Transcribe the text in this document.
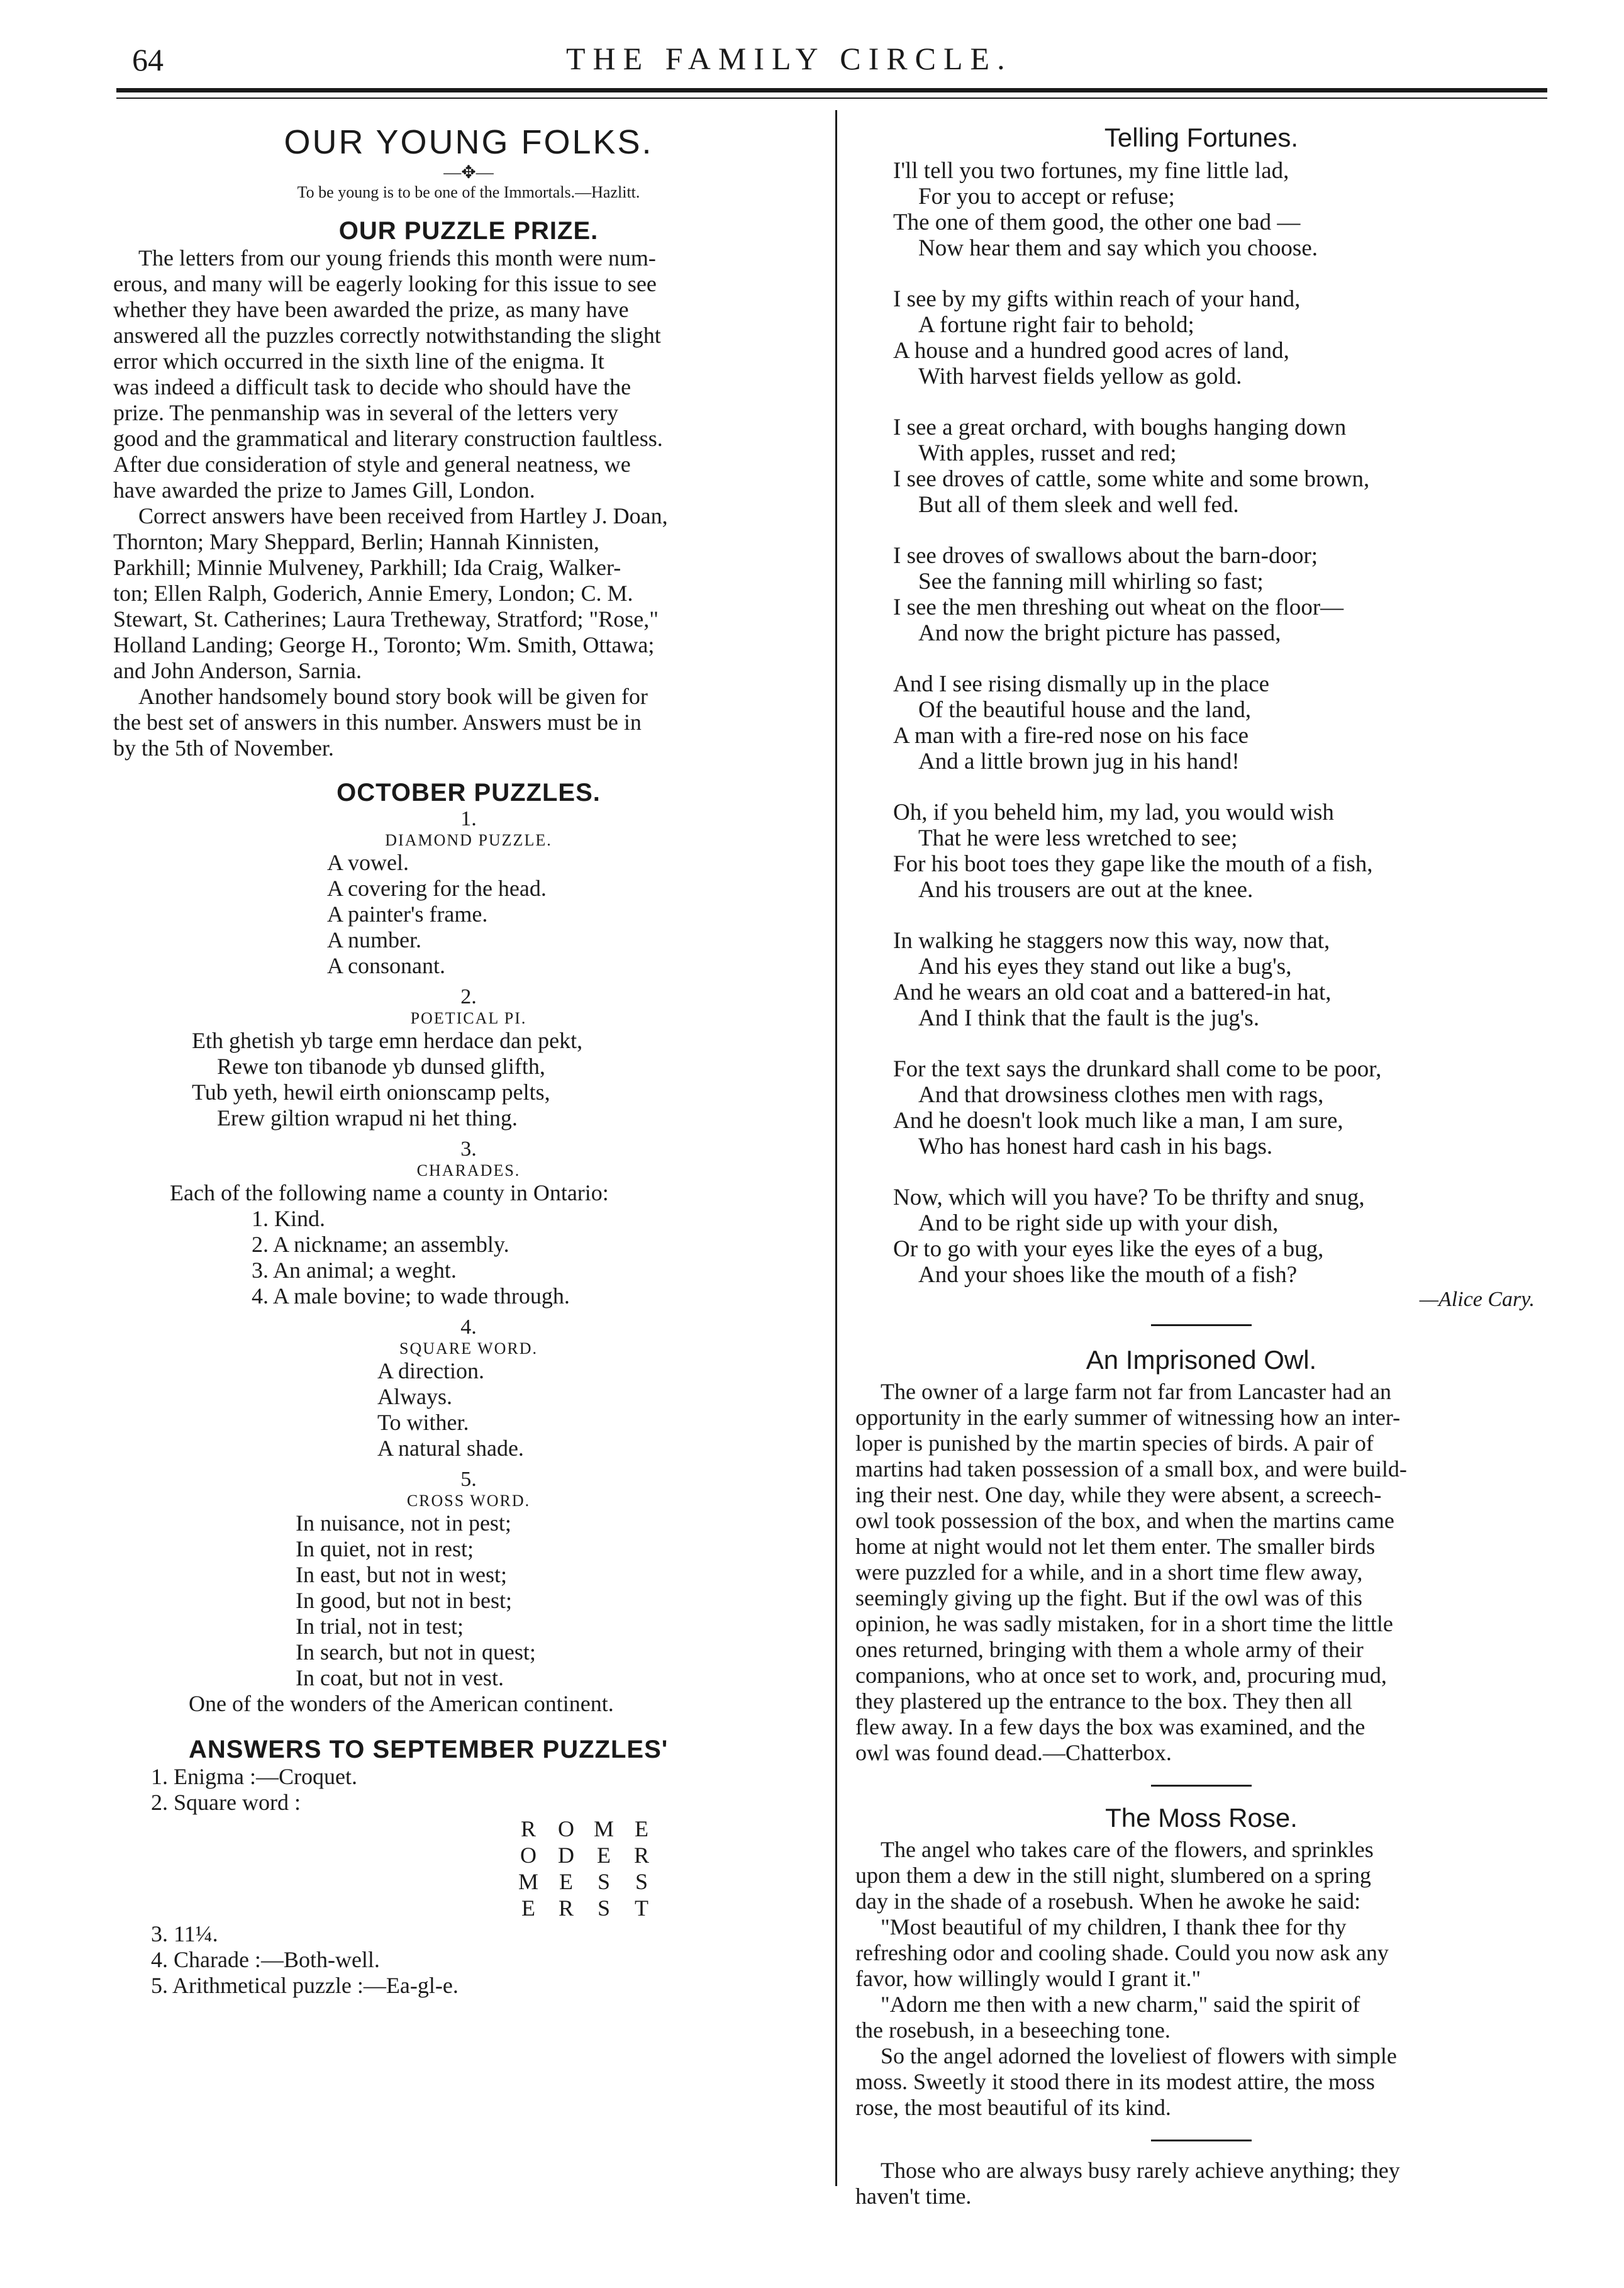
64	THE FAMILY CIRCLE.
OUR YOUNG FOLKS.
—✥—
To be young is to be one of the Immortals.—Hazlitt.
OUR PUZZLE PRIZE.
The letters from our young friends this month were num-
erous, and many will be eagerly looking for this issue to see
whether they have been awarded the prize, as many have
answered all the puzzles correctly notwithstanding the slight
error which occurred in the sixth line of the enigma. It
was indeed a difficult task to decide who should have the
prize. The penmanship was in several of the letters very
good and the grammatical and literary construction faultless.
After due consideration of style and general neatness, we
have awarded the prize to James Gill, London.
Correct answers have been received from Hartley J. Doan,
Thornton; Mary Sheppard, Berlin; Hannah Kinnisten,
Parkhill; Minnie Mulveney, Parkhill; Ida Craig, Walker-
ton; Ellen Ralph, Goderich, Annie Emery, London; C. M.
Stewart, St. Catherines; Laura Tretheway, Stratford; "Rose,"
Holland Landing; George H., Toronto; Wm. Smith, Ottawa;
and John Anderson, Sarnia.
Another handsomely bound story book will be given for
the best set of answers in this number. Answers must be in
by the 5th of November.
OCTOBER PUZZLES.
1.
DIAMOND PUZZLE.
A vowel.
A covering for the head.
A painter's frame.
A number.
A consonant.
2.
POETICAL PI.
Eth ghetish yb targe emn herdace dan pekt,
Rewe ton tibanode yb dunsed glifth,
Tub yeth, hewil eirth onionscamp pelts,
Erew giltion wrapud ni het thing.
3.
CHARADES.
Each of the following name a county in Ontario:
1. Kind.
2. A nickname; an assembly.
3. An animal; a weght.
4. A male bovine; to wade through.
4.
SQUARE WORD.
A direction.
Always.
To wither.
A natural shade.
5.
CROSS WORD.
In nuisance, not in pest;
In quiet, not in rest;
In east, but not in west;
In good, but not in best;
In trial, not in test;
In search, but not in quest;
In coat, but not in vest.
One of the wonders of the American continent.
ANSWERS TO SEPTEMBER PUZZLES'
1. Enigma :—Croquet.
2. Square word :
R O M E
O D E R
M E S S
E R S T
3. 11¼.
4. Charade :—Both-well.
5. Arithmetical puzzle :—Ea-gl-e.
Telling Fortunes.
I'll tell you two fortunes, my fine little lad,
For you to accept or refuse;
The one of them good, the other one bad —
Now hear them and say which you choose.
I see by my gifts within reach of your hand,
A fortune right fair to behold;
A house and a hundred good acres of land,
With harvest fields yellow as gold.
I see a great orchard, with boughs hanging down
With apples, russet and red;
I see droves of cattle, some white and some brown,
But all of them sleek and well fed.
I see droves of swallows about the barn-door;
See the fanning mill whirling so fast;
I see the men threshing out wheat on the floor—
And now the bright picture has passed,
And I see rising dismally up in the place
Of the beautiful house and the land,
A man with a fire-red nose on his face
And a little brown jug in his hand!
Oh, if you beheld him, my lad, you would wish
That he were less wretched to see;
For his boot toes they gape like the mouth of a fish,
And his trousers are out at the knee.
In walking he staggers now this way, now that,
And his eyes they stand out like a bug's,
And he wears an old coat and a battered-in hat,
And I think that the fault is the jug's.
For the text says the drunkard shall come to be poor,
And that drowsiness clothes men with rags,
And he doesn't look much like a man, I am sure,
Who has honest hard cash in his bags.
Now, which will you have? To be thrifty and snug,
And to be right side up with your dish,
Or to go with your eyes like the eyes of a bug,
And your shoes like the mouth of a fish?
—Alice Cary.
An Imprisoned Owl.
The owner of a large farm not far from Lancaster had an
opportunity in the early summer of witnessing how an inter-
loper is punished by the martin species of birds. A pair of
martins had taken possession of a small box, and were build-
ing their nest. One day, while they were absent, a screech-
owl took possession of the box, and when the martins came
home at night would not let them enter. The smaller birds
were puzzled for a while, and in a short time flew away,
seemingly giving up the fight. But if the owl was of this
opinion, he was sadly mistaken, for in a short time the little
ones returned, bringing with them a whole army of their
companions, who at once set to work, and, procuring mud,
they plastered up the entrance to the box. They then all
flew away. In a few days the box was examined, and the
owl was found dead.—Chatterbox.
The Moss Rose.
The angel who takes care of the flowers, and sprinkles
upon them a dew in the still night, slumbered on a spring
day in the shade of a rosebush. When he awoke he said:
"Most beautiful of my children, I thank thee for thy
refreshing odor and cooling shade. Could you now ask any
favor, how willingly would I grant it."
"Adorn me then with a new charm," said the spirit of
the rosebush, in a beseeching tone.
So the angel adorned the loveliest of flowers with simple
moss. Sweetly it stood there in its modest attire, the moss
rose, the most beautiful of its kind.
Those who are always busy rarely achieve anything; they
haven't time.
